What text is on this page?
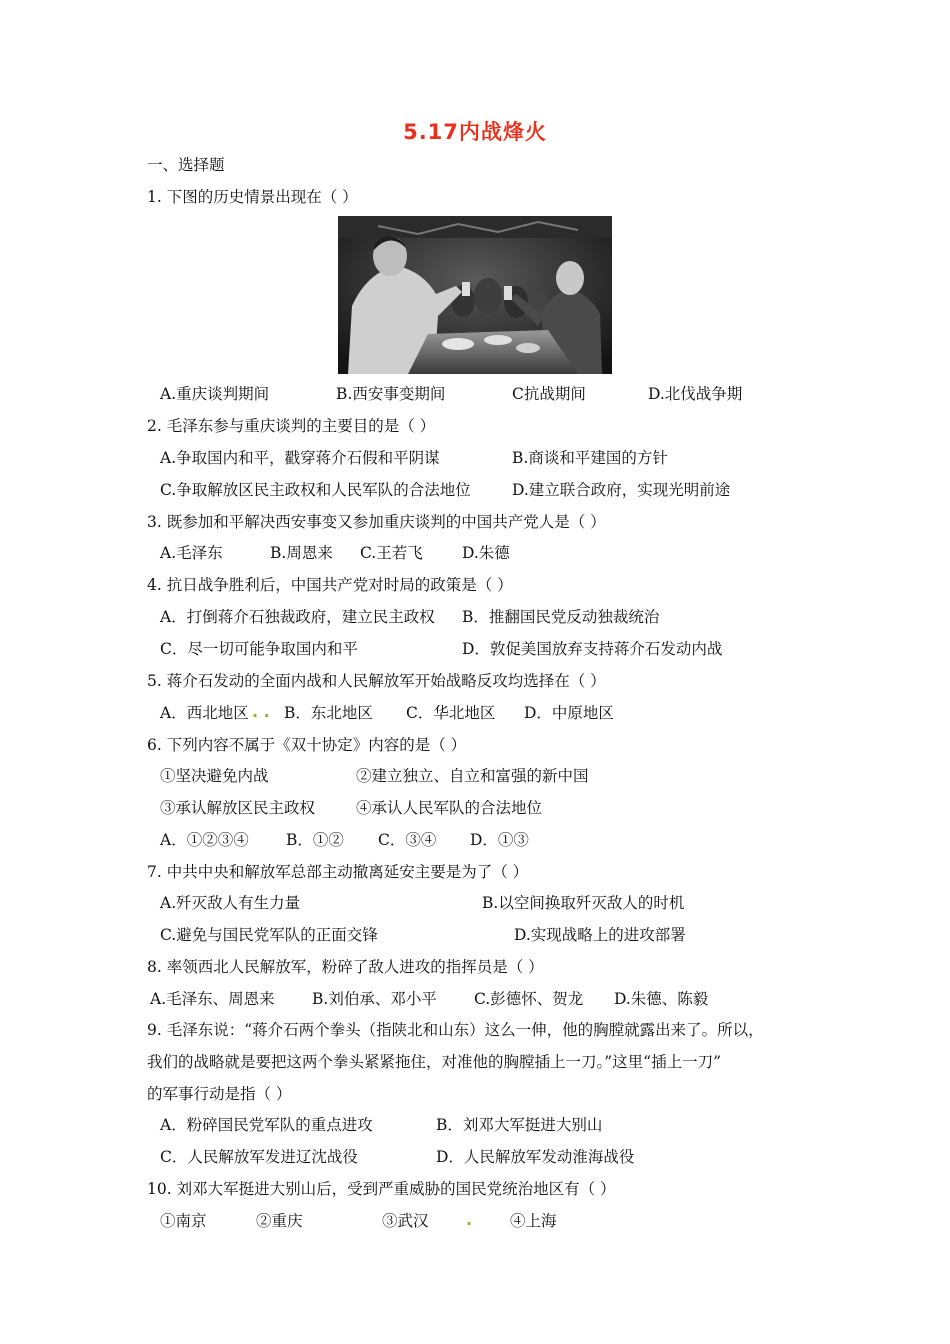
5.17内战烽火
一、选择题
1. 下图的历史情景出现在（ ）
A.重庆谈判期间	B.西安事变期间	C抗战期间	D.北伐战争期
2. 毛泽东参与重庆谈判的主要目的是（ ）
A.争取国内和平，戳穿蒋介石假和平阴谋	B.商谈和平建国的方针
C.争取解放区民主政权和人民军队的合法地位	D.建立联合政府，实现光明前途
3. 既参加和平解决西安事变又参加重庆谈判的中国共产党人是（ ）
A.毛泽东	B.周恩来 C.王若飞	D.朱德
4. 抗日战争胜利后，中国共产党对时局的政策是（ ）
A．打倒蒋介石独裁政府，建立民主政权 B．推翻国民党反动独裁统治
C．尽一切可能争取国内和平	D．敦促美国放弃支持蒋介石发动内战
5. 蒋介石发动的全面内战和人民解放军开始战略反攻均选择在（ ）
A．西北地区 . . B．东北地区 C．华北地区 D．中原地区
6. 下列内容不属于《双十协定》内容的是（ ）
①坚决避免内战	②建立独立、自立和富强的新中国
③承认解放区民主政权	④承认人民军队的合法地位
A．①②③④ B．①② C．③④ D．①③
7. 中共中央和解放军总部主动撤离延安主要是为了（ ）
A.歼灭敌人有生力量	B.以空间换取歼灭敌人的时机
C.避免与国民党军队的正面交锋	D.实现战略上的进攻部署
8. 率领西北人民解放军，粉碎了敌人进攻的指挥员是（ ）
A.毛泽东、周恩来 B.刘伯承、邓小平 C.彭德怀、贺龙 D.朱德、陈毅
9. 毛泽东说：“蒋介石两个拳头（指陕北和山东）这么一伸，他的胸膛就露出来了。所以，
我们的战略就是要把这两个拳头紧紧拖住，对准他的胸膛插上一刀。”这里“插上一刀”
的军事行动是指（ ）
A．粉碎国民党军队的重点进攻	B．刘邓大军挺进大别山
C．人民解放军发进辽沈战役	D．人民解放军发动淮海战役
10. 刘邓大军挺进大别山后，受到严重威胁的国民党统治地区有（ ）
①南京	②重庆	③武汉 . ④上海
